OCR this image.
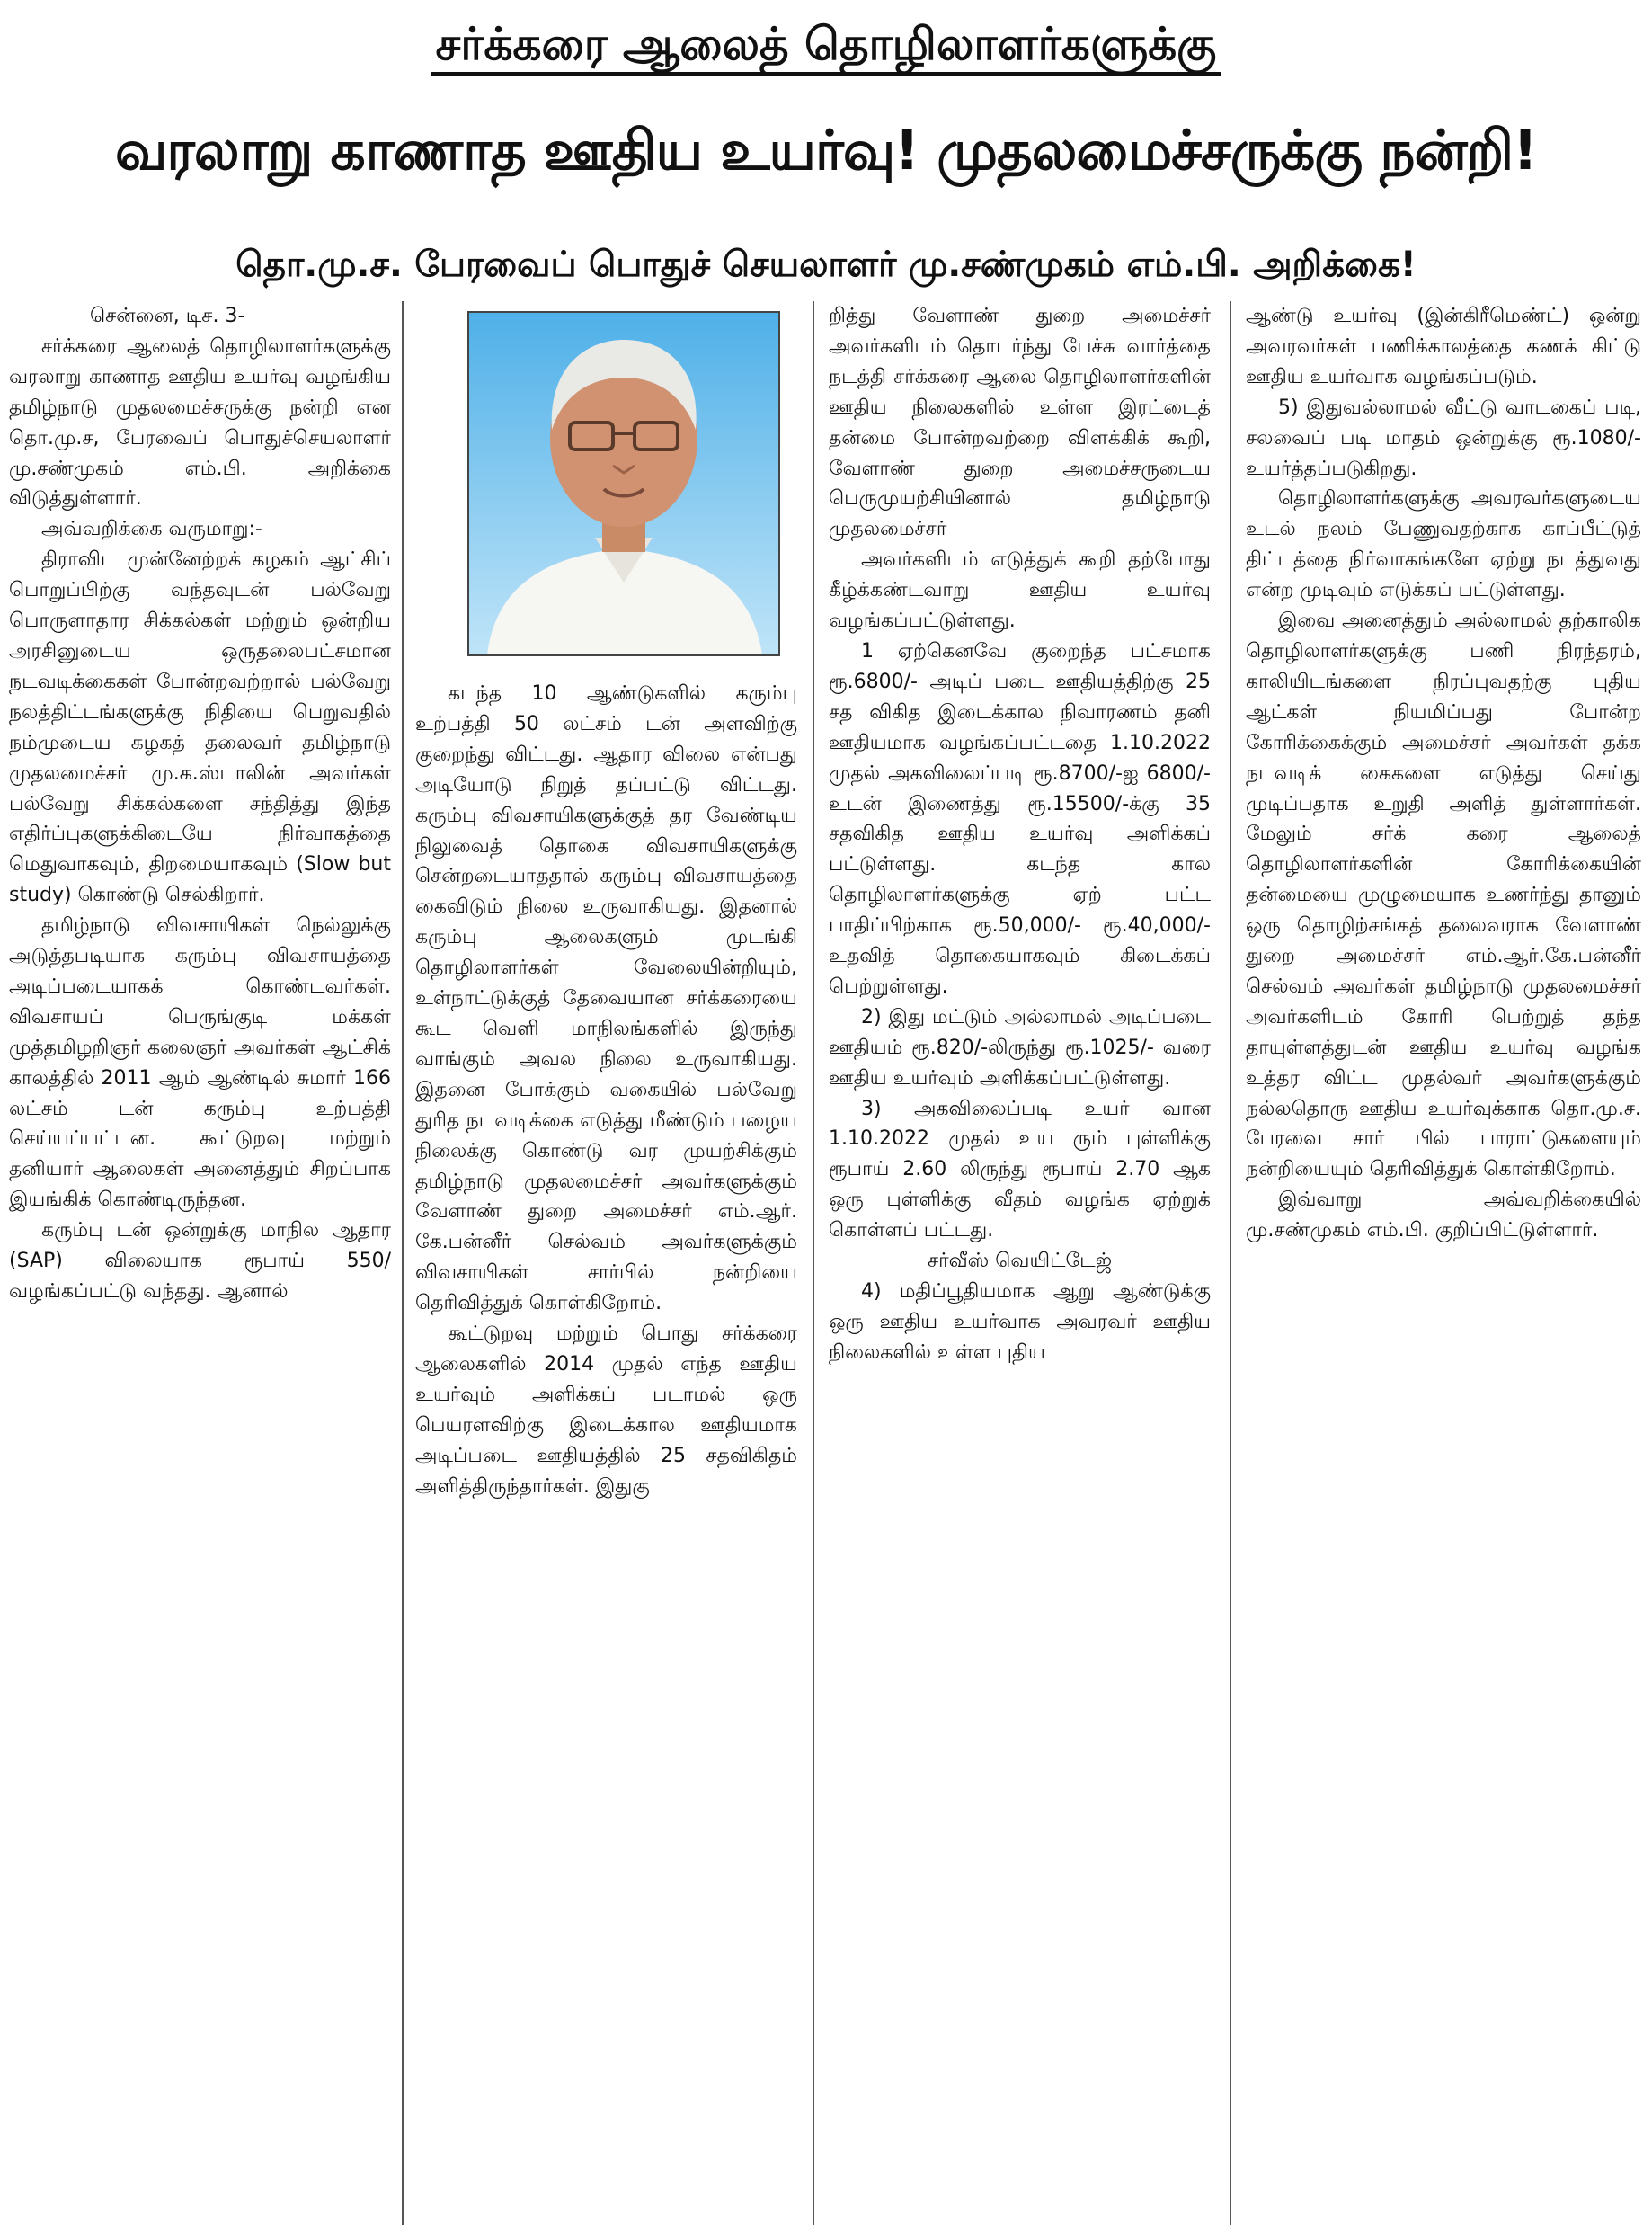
சர்க்கரை ஆலைத் தொழிலாளர்களுக்கு
வரலாறு காணாத ஊதிய உயர்வு! முதலமைச்சருக்கு நன்றி!
தொ.மு.ச. பேரவைப் பொதுச் செயலாளர் மு.சண்முகம் எம்.பி. அறிக்கை!

சென்னை, டிச. 3-

சர்க்கரை ஆலைத் தொழிலாளர்களுக்கு வரலாறு காணாத ஊதிய உயர்வு வழங்கிய தமிழ்நாடு முதலமைச்சருக்கு நன்றி என தொ.மு.ச, பேரவைப் பொதுச்செயலாளர் மு.சண்முகம் எம்.பி. அறிக்கை விடுத்துள்ளார்.

அவ்வறிக்கை வருமாறு:-

திராவிட முன்னேற்றக் கழகம் ஆட்சிப் பொறுப்பிற்கு வந்தவுடன் பல்வேறு பொருளாதார சிக்கல்கள் மற்றும் ஒன்றிய அரசினுடைய ஒருதலைபட்சமான நடவடிக்கைகள் போன்றவற்றால் பல்வேறு நலத்திட்டங்களுக்கு நிதியை பெறுவதில் நம்முடைய கழகத் தலைவர் தமிழ்நாடு முதலமைச்சர் மு.க.ஸ்டாலின் அவர்கள் பல்வேறு சிக்கல்களை சந்தித்து இந்த எதிர்ப்புகளுக்கிடையே நிர்வாகத்தை மெதுவாகவும், திறமையாகவும் (Slow but study) கொண்டு செல்கிறார்.

தமிழ்நாடு விவசாயிகள் நெல்லுக்கு அடுத்தபடியாக கரும்பு விவசாயத்தை அடிப்படையாகக் கொண்டவர்கள். விவசாயப் பெருங்குடி மக்கள் முத்தமிழறிஞர் கலைஞர் அவர்கள் ஆட்சிக் காலத்தில் 2011 ஆம் ஆண்டில் சுமார் 166 லட்சம் டன் கரும்பு உற்பத்தி செய்யப்பட்டன. கூட்டுறவு மற்றும் தனியார் ஆலைகள் அனைத்தும் சிறப்பாக இயங்கிக் கொண்டிருந்தன.

கரும்பு டன் ஒன்றுக்கு மாநில ஆதார (SAP) விலையாக ரூபாய் 550/ வழங்கப்பட்டு வந்தது. ஆனால்

கடந்த 10 ஆண்டுகளில் கரும்பு உற்பத்தி 50 லட்சம் டன் அளவிற்கு குறைந்து விட்டது. ஆதார விலை என்பது அடியோடு நிறுத் தப்பட்டு விட்டது. கரும்பு விவசாயிகளுக்குத் தர வேண்டிய நிலுவைத் தொகை விவசாயிகளுக்கு சென்றடையாததால் கரும்பு விவசாயத்தை கைவிடும் நிலை உருவாகியது. இதனால் கரும்பு ஆலைகளும் முடங்கி தொழிலாளர்கள் வேலையின்றியும், உள்நாட்டுக்குத் தேவையான சர்க்கரையை கூட வெளி மாநிலங்களில் இருந்து வாங்கும் அவல நிலை உருவாகியது. இதனை போக்கும் வகையில் பல்வேறு துரித நடவடிக்கை எடுத்து மீண்டும் பழைய நிலைக்கு கொண்டு வர முயற்சிக்கும் தமிழ்நாடு முதலமைச்சர் அவர்களுக்கும் வேளாண் துறை அமைச்சர் எம்.ஆர். கே.பன்னீர் செல்வம் அவர்களுக்கும் விவசாயிகள் சார்பில் நன்றியை தெரிவித்துக் கொள்கிறோம்.

கூட்டுறவு மற்றும் பொது சர்க்கரை ஆலைகளில் 2014 முதல் எந்த ஊதிய உயர்வும் அளிக்கப் படாமல் ஒரு பெயரளவிற்கு இடைக்கால ஊதியமாக அடிப்படை ஊதியத்தில் 25 சதவிகிதம் அளித்திருந்தார்கள். இதுகு

றித்து வேளாண் துறை அமைச்சர் அவர்களிடம் தொடர்ந்து பேச்சு வார்த்தை நடத்தி சர்க்கரை ஆலை தொழிலாளர்களின் ஊதிய நிலைகளில் உள்ள இரட்டைத் தன்மை போன்றவற்றை விளக்கிக் கூறி, வேளாண் துறை அமைச்சருடைய பெருமுயற்சியினால் தமிழ்நாடு முதலமைச்சர்

அவர்களிடம் எடுத்துக் கூறி தற்போது கீழ்க்கண்டவாறு ஊதிய உயர்வு வழங்கப்பட்டுள்ளது.

1 ஏற்கெனவே குறைந்த பட்சமாக ரூ.6800/- அடிப் படை ஊதியத்திற்கு 25 சத விகித இடைக்கால நிவாரணம் தனி ஊதியமாக வழங்கப்பட்டதை 1.10.2022 முதல் அகவிலைப்படி ரூ.8700/-ஐ 6800/- உடன் இணைத்து ரூ.15500/-க்கு 35 சதவிகித ஊதிய உயர்வு அளிக்கப் பட்டுள்ளது. கடந்த கால தொழிலாளர்களுக்கு ஏற் பட்ட பாதிப்பிற்காக ரூ.50,000/- ரூ.40,000/- உதவித் தொகையாகவும் கிடைக்கப் பெற்றுள்ளது.

2) இது மட்டும் அல்லாமல் அடிப்படை ஊதியம் ரூ.820/-லிருந்து ரூ.1025/- வரை ஊதிய உயர்வும் அளிக்கப்பட்டுள்ளது.

3) அகவிலைப்படி உயர் வான 1.10.2022 முதல் உய ரும் புள்ளிக்கு ரூபாய் 2.60 லிருந்து ரூபாய் 2.70 ஆக ஒரு புள்ளிக்கு வீதம் வழங்க ஏற்றுக் கொள்ளப் பட்டது.

சர்வீஸ் வெயிட்டேஜ்

4) மதிப்பூதியமாக ஆறு ஆண்டுக்கு ஒரு ஊதிய உயர்வாக அவரவர் ஊதிய நிலைகளில் உள்ள புதிய

ஆண்டு உயர்வு (இன்கிரீமெண்ட்) ஒன்று அவரவர்கள் பணிக்காலத்தை கணக் கிட்டு ஊதிய உயர்வாக வழங்கப்படும்.

5) இதுவல்லாமல் வீட்டு வாடகைப் படி, சலவைப் படி மாதம் ஒன்றுக்கு ரூ.1080/- உயர்த்தப்படுகிறது.

தொழிலாளர்களுக்கு அவரவர்களுடைய உடல் நலம் பேணுவதற்காக காப்பீட்டுத் திட்டத்தை நிர்வாகங்களே ஏற்று நடத்துவது என்ற முடிவும் எடுக்கப் பட்டுள்ளது.

இவை அனைத்தும் அல்லாமல் தற்காலிக தொழிலாளர்களுக்கு பணி நிரந்தரம், காலியிடங்களை நிரப்புவதற்கு புதிய ஆட்கள் நியமிப்பது போன்ற கோரிக்கைக்கும் அமைச்சர் அவர்கள் தக்க நடவடிக் கைகளை எடுத்து செய்து முடிப்பதாக உறுதி அளித் துள்ளார்கள். மேலும் சர்க் கரை ஆலைத் தொழிலாளர்களின் கோரிக்கையின் தன்மையை முழுமையாக உணர்ந்து தானும் ஒரு தொழிற்சங்கத் தலைவராக வேளாண் துறை அமைச்சர் எம்.ஆர்.கே.பன்னீர் செல்வம் அவர்கள் தமிழ்நாடு முதலமைச்சர் அவர்களிடம் கோரி பெற்றுத் தந்த தாயுள்ளத்துடன் ஊதிய உயர்வு வழங்க உத்தர விட்ட முதல்வர் அவர்களுக்கும் நல்லதொரு ஊதிய உயர்வுக்காக தொ.மு.ச. பேரவை சார் பில் பாராட்டுகளையும் நன்றியையும் தெரிவித்துக் கொள்கிறோம்.

இவ்வாறு அவ்வறிக்கையில் மு.சண்முகம் எம்.பி. குறிப்பிட்டுள்ளார்.
